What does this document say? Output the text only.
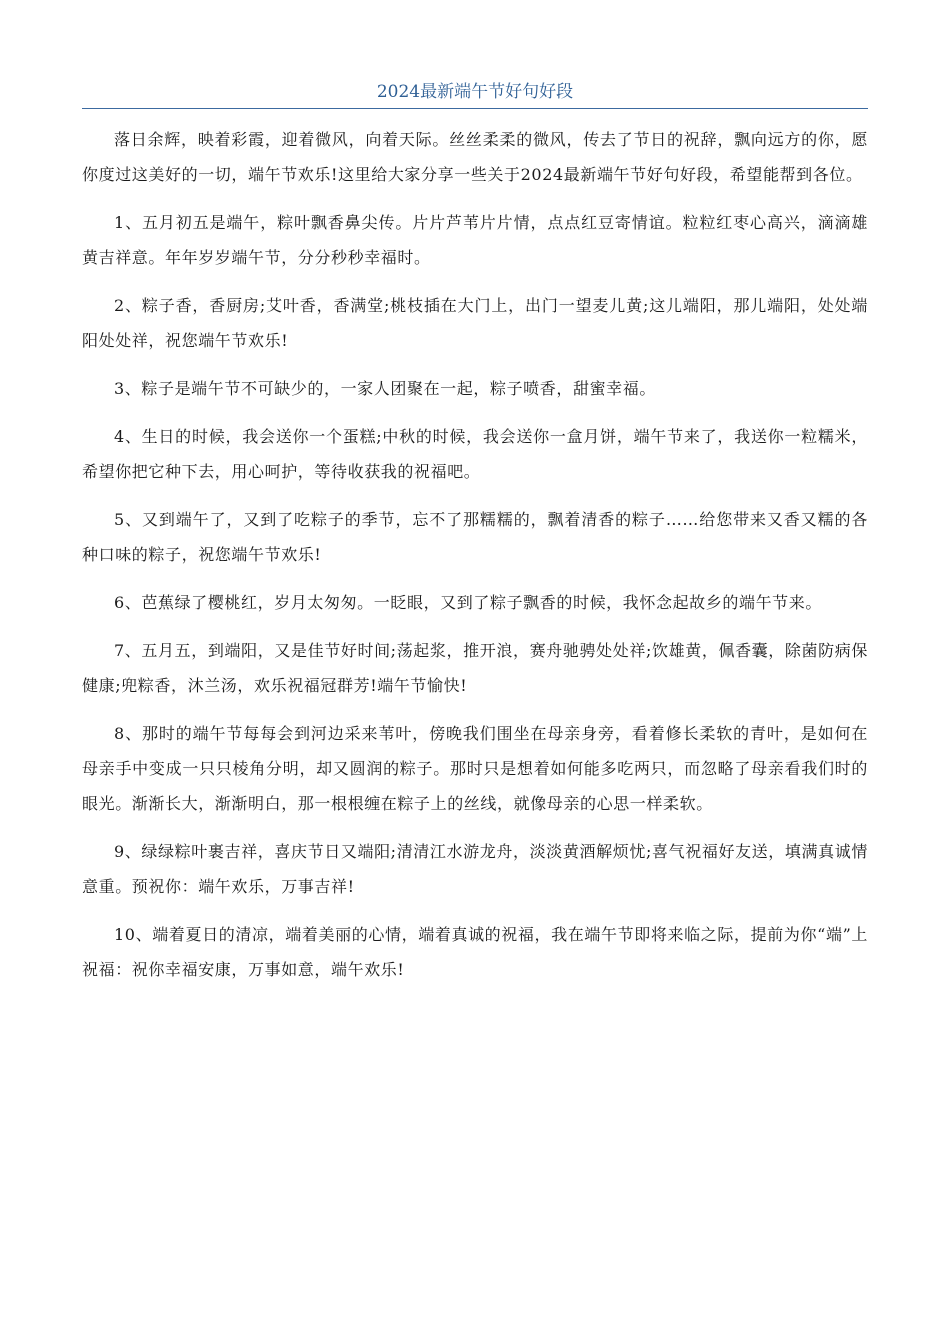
2024最新端午节好句好段

落日余辉，映着彩霞，迎着微风，向着天际。丝丝柔柔的微风，传去了节日的祝辞，飘向远方的你，愿你度过这美好的一切，端午节欢乐!这里给大家分享一些关于2024最新端午节好句好段，希望能帮到各位。

1、五月初五是端午，粽叶飘香鼻尖传。片片芦苇片片情，点点红豆寄情谊。粒粒红枣心高兴，滴滴雄黄吉祥意。年年岁岁端午节，分分秒秒幸福时。

2、粽子香，香厨房;艾叶香，香满堂;桃枝插在大门上，出门一望麦儿黄;这儿端阳，那儿端阳，处处端阳处处祥，祝您端午节欢乐!

3、粽子是端午节不可缺少的，一家人团聚在一起，粽子喷香，甜蜜幸福。

4、生日的时候，我会送你一个蛋糕;中秋的时候，我会送你一盒月饼，端午节来了，我送你一粒糯米，希望你把它种下去，用心呵护，等待收获我的祝福吧。

5、又到端午了，又到了吃粽子的季节，忘不了那糯糯的，飘着清香的粽子……给您带来又香又糯的各种口味的粽子，祝您端午节欢乐!

6、芭蕉绿了樱桃红，岁月太匆匆。一眨眼，又到了粽子飘香的时候，我怀念起故乡的端午节来。

7、五月五，到端阳，又是佳节好时间;荡起浆，推开浪，赛舟驰骋处处祥;饮雄黄，佩香囊，除菌防病保健康;兜粽香，沐兰汤，欢乐祝福冠群芳!端午节愉快!

8、那时的端午节每每会到河边采来苇叶，傍晚我们围坐在母亲身旁，看着修长柔软的青叶，是如何在母亲手中变成一只只棱角分明，却又圆润的粽子。那时只是想着如何能多吃两只，而忽略了母亲看我们时的眼光。渐渐长大，渐渐明白，那一根根缠在粽子上的丝线，就像母亲的心思一样柔软。

9、绿绿粽叶裹吉祥，喜庆节日又端阳;清清江水游龙舟，淡淡黄酒解烦忧;喜气祝福好友送，填满真诚情意重。预祝你：端午欢乐，万事吉祥!

10、端着夏日的清凉，端着美丽的心情，端着真诚的祝福，我在端午节即将来临之际，提前为你“端”上祝福：祝你幸福安康，万事如意，端午欢乐!
